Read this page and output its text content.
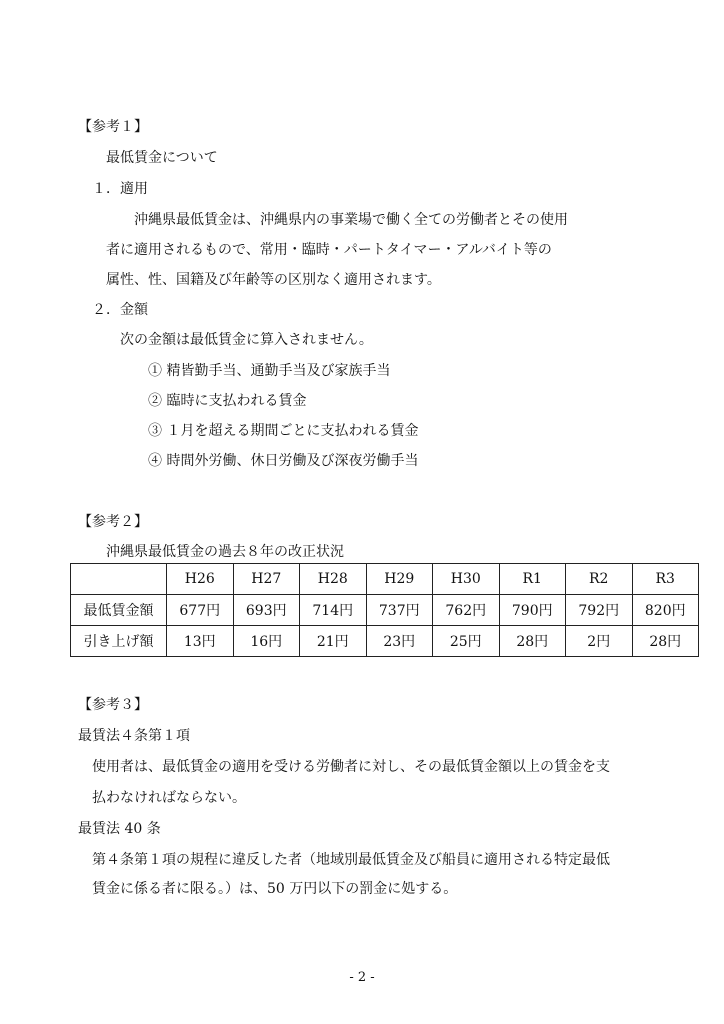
【参考１】
最低賃金について
１．適用
沖縄県最低賃金は、沖縄県内の事業場で働く全ての労働者とその使用
者に適用されるもので、常用・臨時・パートタイマー・アルバイト等の
属性、性、国籍及び年齢等の区別なく適用されます。
２．金額
次の金額は最低賃金に算入されません。
① 精皆勤手当、通勤手当及び家族手当
② 臨時に支払われる賃金
③ １月を超える期間ごとに支払われる賃金
④ 時間外労働、休日労働及び深夜労働手当
【参考２】
沖縄県最低賃金の過去８年の改正状況
	H26	H27	H28	H29	H30	R1	R2	R3
最低賃金額	677円	693円	714円	737円	762円	790円	792円	820円
引き上げ額	13円	16円	21円	23円	25円	28円	2円	28円
【参考３】
最賃法４条第１項
使用者は、最低賃金の適用を受ける労働者に対し、その最低賃金額以上の賃金を支
払わなければならない。
最賃法 40 条
第４条第１項の規程に違反した者（地域別最低賃金及び船員に適用される特定最低
賃金に係る者に限る。）は、50 万円以下の罰金に処する。
- 2 -
